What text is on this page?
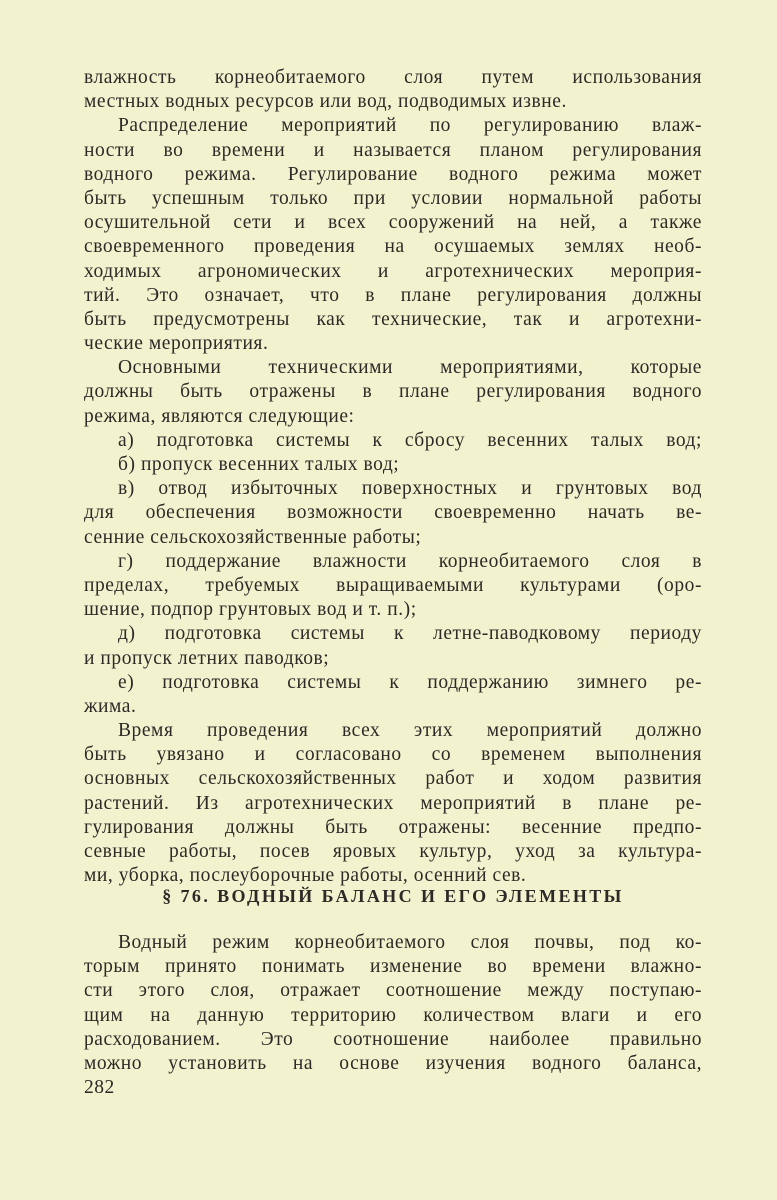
влажность корнеобитаемого слоя путем использования
местных водных ресурсов или вод, подводимых извне.
Распределение мероприятий по регулированию влаж-
ности во времени и называется планом регулирования
водного режима. Регулирование водного режима может
быть успешным только при условии нормальной работы
осушительной сети и всех сооружений на ней, а также
своевременного проведения на осушаемых землях необ-
ходимых агрономических и агротехнических мероприя-
тий. Это означает, что в плане регулирования должны
быть предусмотрены как технические, так и агротехни-
ческие мероприятия.
Основными техническими мероприятиями, которые
должны быть отражены в плане регулирования водного
режима, являются следующие:
а) подготовка системы к сбросу весенних талых вод;
б) пропуск весенних талых вод;
в) отвод избыточных поверхностных и грунтовых вод
для обеспечения возможности своевременно начать ве-
сенние сельскохозяйственные работы;
г) поддержание влажности корнеобитаемого слоя в
пределах, требуемых выращиваемыми культурами (оро-
шение, подпор грунтовых вод и т. п.);
д) подготовка системы к летне-паводковому периоду
и пропуск летних паводков;
е) подготовка системы к поддержанию зимнего ре-
жима.
Время проведения всех этих мероприятий должно
быть увязано и согласовано со временем выполнения
основных сельскохозяйственных работ и ходом развития
растений. Из агротехнических мероприятий в плане ре-
гулирования должны быть отражены: весенние предпо-
севные работы, посев яровых культур, уход за культура-
ми, уборка, послеуборочные работы, осенний сев.
§ 76. ВОДНЫЙ БАЛАНС И ЕГО ЭЛЕМЕНТЫ
Водный режим корнеобитаемого слоя почвы, под ко-
торым принято понимать изменение во времени влажно-
сти этого слоя, отражает соотношение между поступаю-
щим на данную территорию количеством влаги и его
расходованием. Это соотношение наиболее правильно
можно установить на основе изучения водного баланса,
282
